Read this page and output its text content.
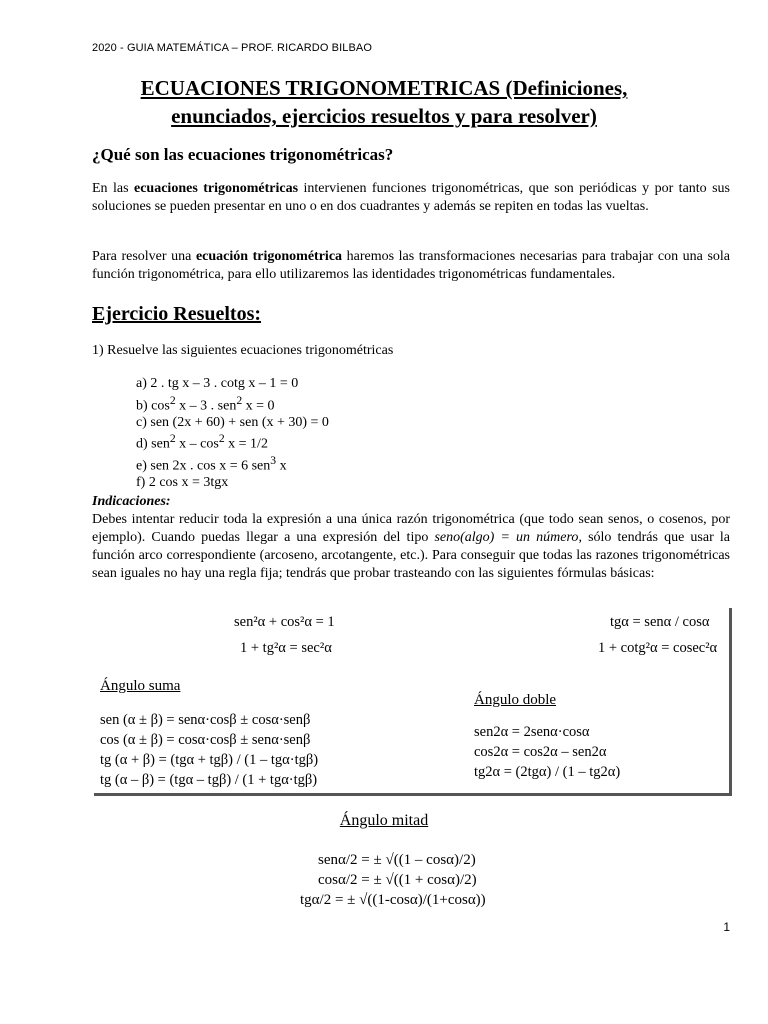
2020 - GUIA MATEMÁTICA – PROF. RICARDO BILBAO
ECUACIONES TRIGONOMETRICAS (Definiciones,
enunciados, ejercicios resueltos y para resolver)
¿Qué son las ecuaciones trigonométricas?
En las ecuaciones trigonométricas intervienen funciones trigonométricas, que son periódicas y por tanto sus soluciones se pueden presentar en uno o en dos cuadrantes y además se repiten en todas las vueltas.
Para resolver una ecuación trigonométrica haremos las transformaciones necesarias para trabajar con una sola función trigonométrica, para ello utilizaremos las identidades trigonométricas fundamentales.
Ejercicio Resueltos:
1) Resuelve las siguientes ecuaciones trigonométricas
a) 2 . tg x – 3 . cotg x – 1 = 0
b) $\cos^2 x - 3$ . sen$^2$ x = 0
c) sen (2x + 60) + sen (x + 30) = 0
d) sen$^2$ $x - \cos^2 x = 1/2$
e) sen 2x . cos x = 6 sen$^3$ x
f) 2 cos x = 3tgx
Indicaciones:
Debes intentar reducir toda la expresión a una única razón trigonométrica (que todo sean senos, o cosenos, por ejemplo). Cuando puedas llegar a una expresión del tipo seno(algo) = un número, sólo tendrás que usar la función arco correspondiente (arcoseno, arcotangente, etc.). Para conseguir que todas las razones trigonométricas sean iguales no hay una regla fija; tendrás que probar trasteando con las siguientes fórmulas básicas:
sen²α + cos²α = 1
1 + tg²α = sec²α
tgα = senα / cosα
1 + cotg²α = cosec²α
Ángulo suma
sen (α ± β) = senα·cosβ ± cosα·senβ
cos (α ± β) = cosα·cosβ ± senα·senβ
tg (α + β) = (tgα + tgβ) / (1 – tgα·tgβ)
tg (α – β) = (tgα – tgβ) / (1 + tgα·tgβ)
Ángulo doble
sen2α = 2senα·cosα
cos2α = cos2α – sen2α
tg2α = (2tgα) / (1 – tg2α)
Ángulo mitad
senα/2 = ± √((1 – cosα)/2)
cosα/2 = ± √((1 + cosα)/2)
tgα/2 = ± √((1-cosα)/(1+cosα))
1
